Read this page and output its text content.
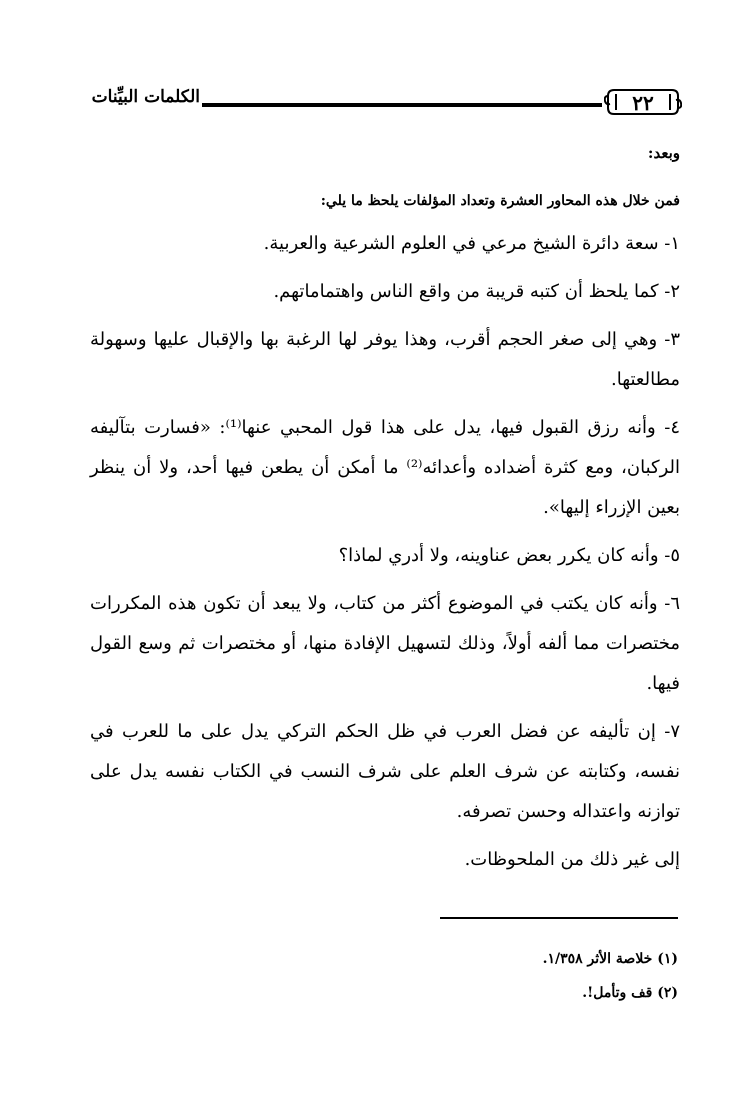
٢٢
الكلمات البيِّنات

وبعد:

فمن خلال هذه المحاور العشرة وتعداد المؤلفات يلحظ ما يلي:

١- سعة دائرة الشيخ مرعي في العلوم الشرعية والعربية.

٢- كما يلحظ أن كتبه قريبة من واقع الناس واهتماماتهم.

٣- وهي إلى صغر الحجم أقرب، وهذا يوفر لها الرغبة بها والإقبال عليها وسهولة مطالعتها.

٤- وأنه رزق القبول فيها، يدل على هذا قول المحبي عنها⁽¹⁾: «فسارت بتآليفه الركبان، ومع كثرة أضداده وأعدائه⁽²⁾ ما أمكن أن يطعن فيها أحد، ولا أن ينظر بعين الإزراء إليها».

٥- وأنه كان يكرر بعض عناوينه، ولا أدري لماذا؟

٦- وأنه كان يكتب في الموضوع أكثر من كتاب، ولا يبعد أن تكون هذه المكررات مختصرات مما ألفه أولاً، وذلك لتسهيل الإفادة منها، أو مختصرات ثم وسع القول فيها.

٧- إن تأليفه عن فضل العرب في ظل الحكم التركي يدل على ما للعرب في نفسه، وكتابته عن شرف العلم على شرف النسب في الكتاب نفسه يدل على توازنه واعتداله وحسن تصرفه.

إلى غير ذلك من الملحوظات.

(١) خلاصة الأثر ١/٣٥٨.
(٢) قف وتأمل!.
